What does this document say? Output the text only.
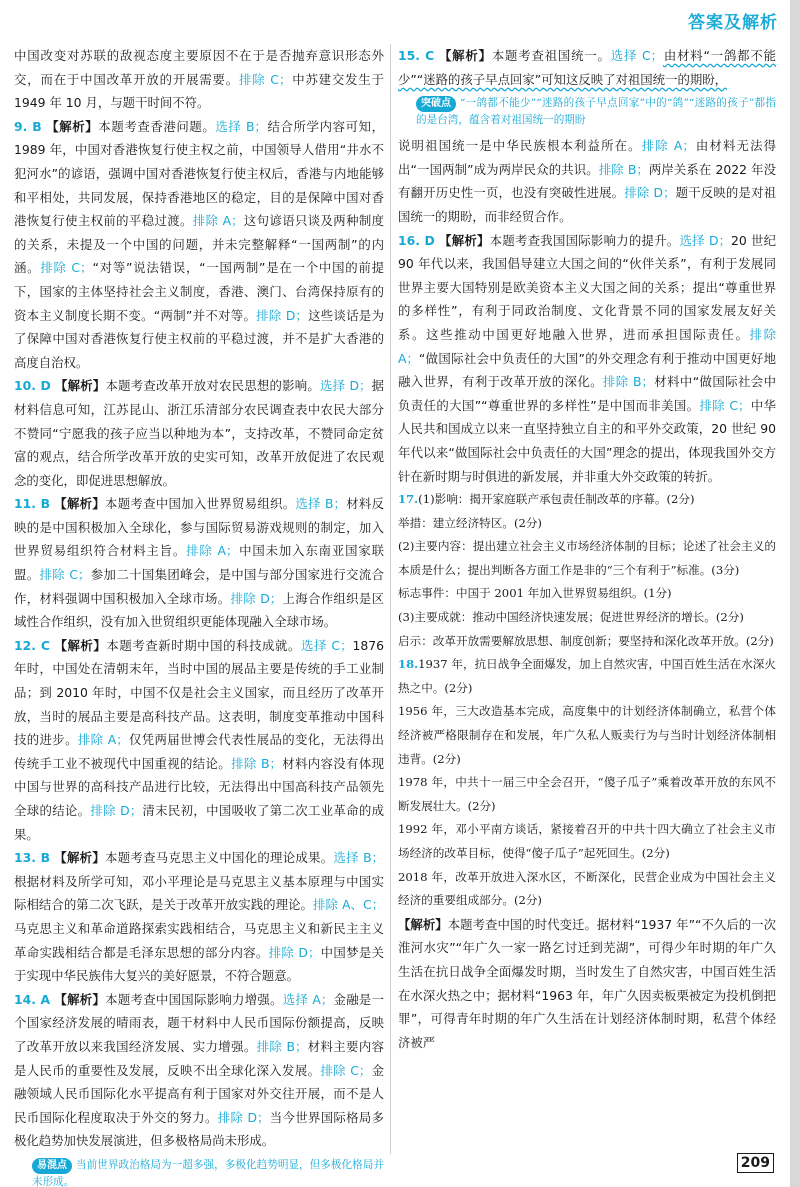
答案及解析

中国改变对苏联的敌视态度主要原因不在于是否抛弃意识形态外交，而在于中国改革开放的开展需要。排除 C；中苏建交发生于 1949 年 10 月，与题干时间不符。

9. B 【解析】本题考查香港问题。选择 B；结合所学内容可知，1989 年，中国对香港恢复行使主权之前，中国领导人借用“井水不犯河水”的谚语，强调中国对香港恢复行使主权后，香港与内地能够和平相处，共同发展，保持香港地区的稳定，目的是保障中国对香港恢复行使主权前的平稳过渡。排除 A；这句谚语只谈及两种制度的关系，未提及一个中国的问题，并未完整解释“一国两制”的内涵。排除 C；“对等”说法错误，“一国两制”是在一个中国的前提下，国家的主体坚持社会主义制度，香港、澳门、台湾保持原有的资本主义制度长期不变。“两制”并不对等。排除 D；这些谈话是为了保障中国对香港恢复行使主权前的平稳过渡，并不是扩大香港的高度自治权。

10. D 【解析】本题考查改革开放对农民思想的影响。选择 D；据材料信息可知，江苏昆山、浙江乐清部分农民调查表中农民大部分不赞同“宁愿我的孩子应当以种地为本”，支持改革，不赞同命定贫富的观点，结合所学改革开放的史实可知，改革开放促进了农民观念的变化，即促进思想解放。

11. B 【解析】本题考查中国加入世界贸易组织。选择 B；材料反映的是中国积极加入全球化，参与国际贸易游戏规则的制定，加入世界贸易组织符合材料主旨。排除 A；中国未加入东南亚国家联盟。排除 C；参加二十国集团峰会，是中国与部分国家进行交流合作，材料强调中国积极加入全球市场。排除 D；上海合作组织是区域性合作组织，没有加入世贸组织更能体现融入全球市场。

12. C 【解析】本题考查新时期中国的科技成就。选择 C；1876 年时，中国处在清朝末年，当时中国的展品主要是传统的手工业制品；到 2010 年时，中国不仅是社会主义国家，而且经历了改革开放，当时的展品主要是高科技产品。这表明，制度变革推动中国科技的进步。排除 A；仅凭两届世博会代表性展品的变化，无法得出传统手工业不被现代中国重视的结论。排除 B；材料内容没有体现中国与世界的高科技产品进行比较，无法得出中国高科技产品领先全球的结论。排除 D；清末民初，中国吸收了第二次工业革命的成果。

13. B 【解析】本题考查马克思主义中国化的理论成果。选择 B；根据材料及所学可知，邓小平理论是马克思主义基本原理与中国实际相结合的第二次飞跃，是关于改革开放实践的理论。排除 A、C；马克思主义和革命道路探索实践相结合，马克思主义和新民主主义革命实践相结合都是毛泽东思想的部分内容。排除 D；中国梦是关于实现中华民族伟大复兴的美好愿景，不符合题意。

14. A 【解析】本题考查中国国际影响力增强。选择 A；金融是一个国家经济发展的晴雨表，题干材料中人民币国际份额提高，反映了改革开放以来我国经济发展、实力增强。排除 B；材料主要内容是人民币的重要性及发展，反映不出全球化深入发展。排除 C；金融领域人民币国际化水平提高有利于国家对外交往开展，而不是人民币国际化程度取决于外交的努力。排除 D；当今世界国际格局多极化趋势加快发展演进，但多极格局尚未形成。

易混点 当前世界政治格局为一超多强，多极化趋势明显，但多极化格局并未形成。

15. C 【解析】本题考查祖国统一。选择 C；由材料“一鸽都不能少”“迷路的孩子早点回家”可知这反映了对祖国统一的期盼，

突破点 “一鸽都不能少”“迷路的孩子早点回家”中的“鸽”“迷路的孩子”都指的是台湾，蕴含着对祖国统一的期盼

说明祖国统一是中华民族根本利益所在。排除 A；由材料无法得出“一国两制”成为两岸民众的共识。排除 B；两岸关系在 2022 年没有翻开历史性一页，也没有突破性进展。排除 D；题干反映的是对祖国统一的期盼，而非经贸合作。

16. D 【解析】本题考查我国国际影响力的提升。选择 D；20 世纪 90 年代以来，我国倡导建立大国之间的“伙伴关系”，有利于发展同世界主要大国特别是欧美资本主义大国之间的关系；提出“尊重世界的多样性”，有利于同政治制度、文化背景不同的国家发展友好关系。这些推动中国更好地融入世界，进而承担国际责任。排除 A；“做国际社会中负责任的大国”的外交理念有利于推动中国更好地融入世界，有利于改革开放的深化。排除 B；材料中“做国际社会中负责任的大国”“尊重世界的多样性”是中国而非美国。排除 C；中华人民共和国成立以来一直坚持独立自主的和平外交政策，20 世纪 90 年代以来“做国际社会中负责任的大国”理念的提出，体现我国外交方针在新时期与时俱进的新发展，并非重大外交政策的转折。

17.(1)影响：揭开家庭联产承包责任制改革的序幕。(2分)

举措：建立经济特区。(2分)

(2)主要内容：提出建立社会主义市场经济体制的目标；论述了社会主义的本质是什么；提出判断各方面工作是非的“三个有利于”标准。(3分)

标志事件：中国于 2001 年加入世界贸易组织。(1分)

(3)主要成就：推动中国经济快速发展；促进世界经济的增长。(2分)

启示：改革开放需要解放思想、制度创新；要坚持和深化改革开放。(2分)

18.1937 年，抗日战争全面爆发，加上自然灾害，中国百姓生活在水深火热之中。(2分)

1956 年，三大改造基本完成，高度集中的计划经济体制确立，私营个体经济被严格限制存在和发展，年广久私人贩卖行为与当时计划经济体制相违背。(2分)

1978 年，中共十一届三中全会召开，“傻子瓜子”乘着改革开放的东风不断发展壮大。(2分)

1992 年，邓小平南方谈话，紧接着召开的中共十四大确立了社会主义市场经济的改革目标，使得“傻子瓜子”起死回生。(2分)

2018 年，改革开放进入深水区，不断深化，民营企业成为中国社会主义经济的重要组成部分。(2分)

【解析】本题考查中国的时代变迁。据材料“1937 年”“不久后的一次淮河水灾”“年广久一家一路乞讨迁到芜湖”，可得少年时期的年广久生活在抗日战争全面爆发时期，当时发生了自然灾害，中国百姓生活在水深火热之中；据材料“1963 年，年广久因卖板栗被定为投机倒把罪”，可得青年时期的年广久生活在计划经济体制时期，私营个体经济被严

209
